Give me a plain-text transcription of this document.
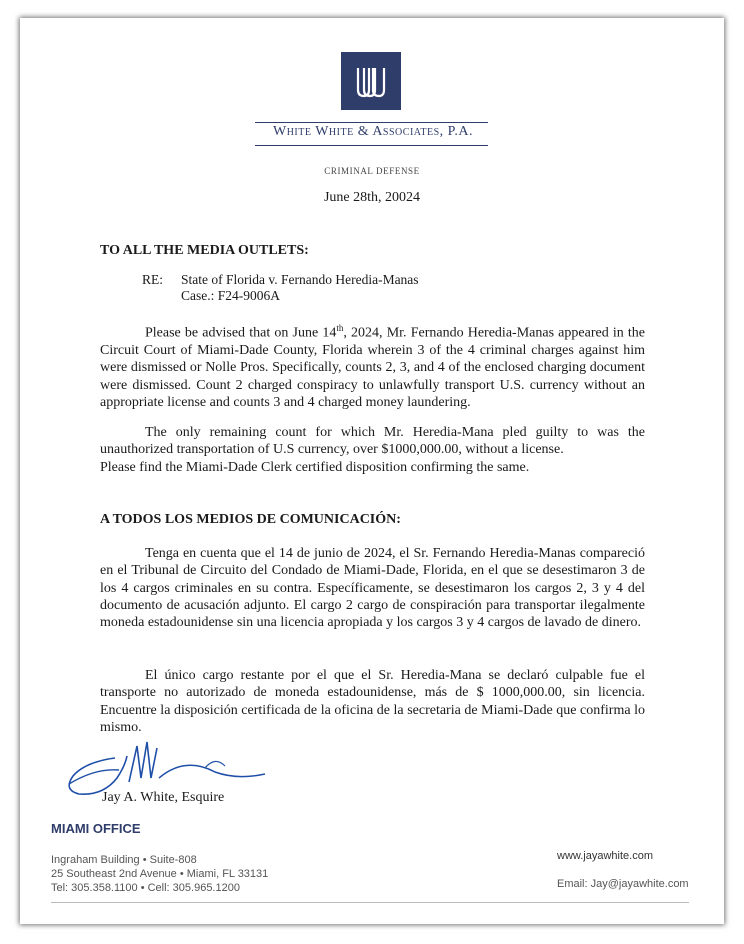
White White & Associates, P.A.
CRIMINAL DEFENSE
June 28th, 20024
TO ALL THE MEDIA OUTLETS:
RE: State of Florida v. Fernando Heredia-Manas
Case.: F24-9006A
Please be advised that on June 14th, 2024, Mr. Fernando Heredia-Manas appeared in the Circuit Court of Miami-Dade County, Florida wherein 3 of the 4 criminal charges against him were dismissed or Nolle Pros. Specifically, counts 2, 3, and 4 of the enclosed charging document were dismissed. Count 2 charged conspiracy to unlawfully transport U.S. currency without an appropriate license and counts 3 and 4 charged money laundering.
The only remaining count for which Mr. Heredia-Mana pled guilty to was the unauthorized transportation of U.S currency, over $1000,000.00, without a license.
Please find the Miami-Dade Clerk certified disposition confirming the same.
A TODOS LOS MEDIOS DE COMUNICACIÓN:
Tenga en cuenta que el 14 de junio de 2024, el Sr. Fernando Heredia-Manas compareció en el Tribunal de Circuito del Condado de Miami-Dade, Florida, en el que se desestimaron 3 de los 4 cargos criminales en su contra. Específicamente, se desestimaron los cargos 2, 3 y 4 del documento de acusación adjunto. El cargo 2 cargo de conspiración para transportar ilegalmente moneda estadounidense sin una licencia apropiada y los cargos 3 y 4 cargos de lavado de dinero.
El único cargo restante por el que el Sr. Heredia-Mana se declaró culpable fue el transporte no autorizado de moneda estadounidense, más de $ 1000,000.00, sin licencia. Encuentre la disposición certificada de la oficina de la secretaria de Miami-Dade que confirma lo mismo.
Jay A. White, Esquire
MIAMI OFFICE
Ingraham Building • Suite-808
25 Southeast 2nd Avenue • Miami, FL 33131
Tel: 305.358.1100 • Cell: 305.965.1200
www.jayawhite.com
Email: Jay@jayawhite.com
